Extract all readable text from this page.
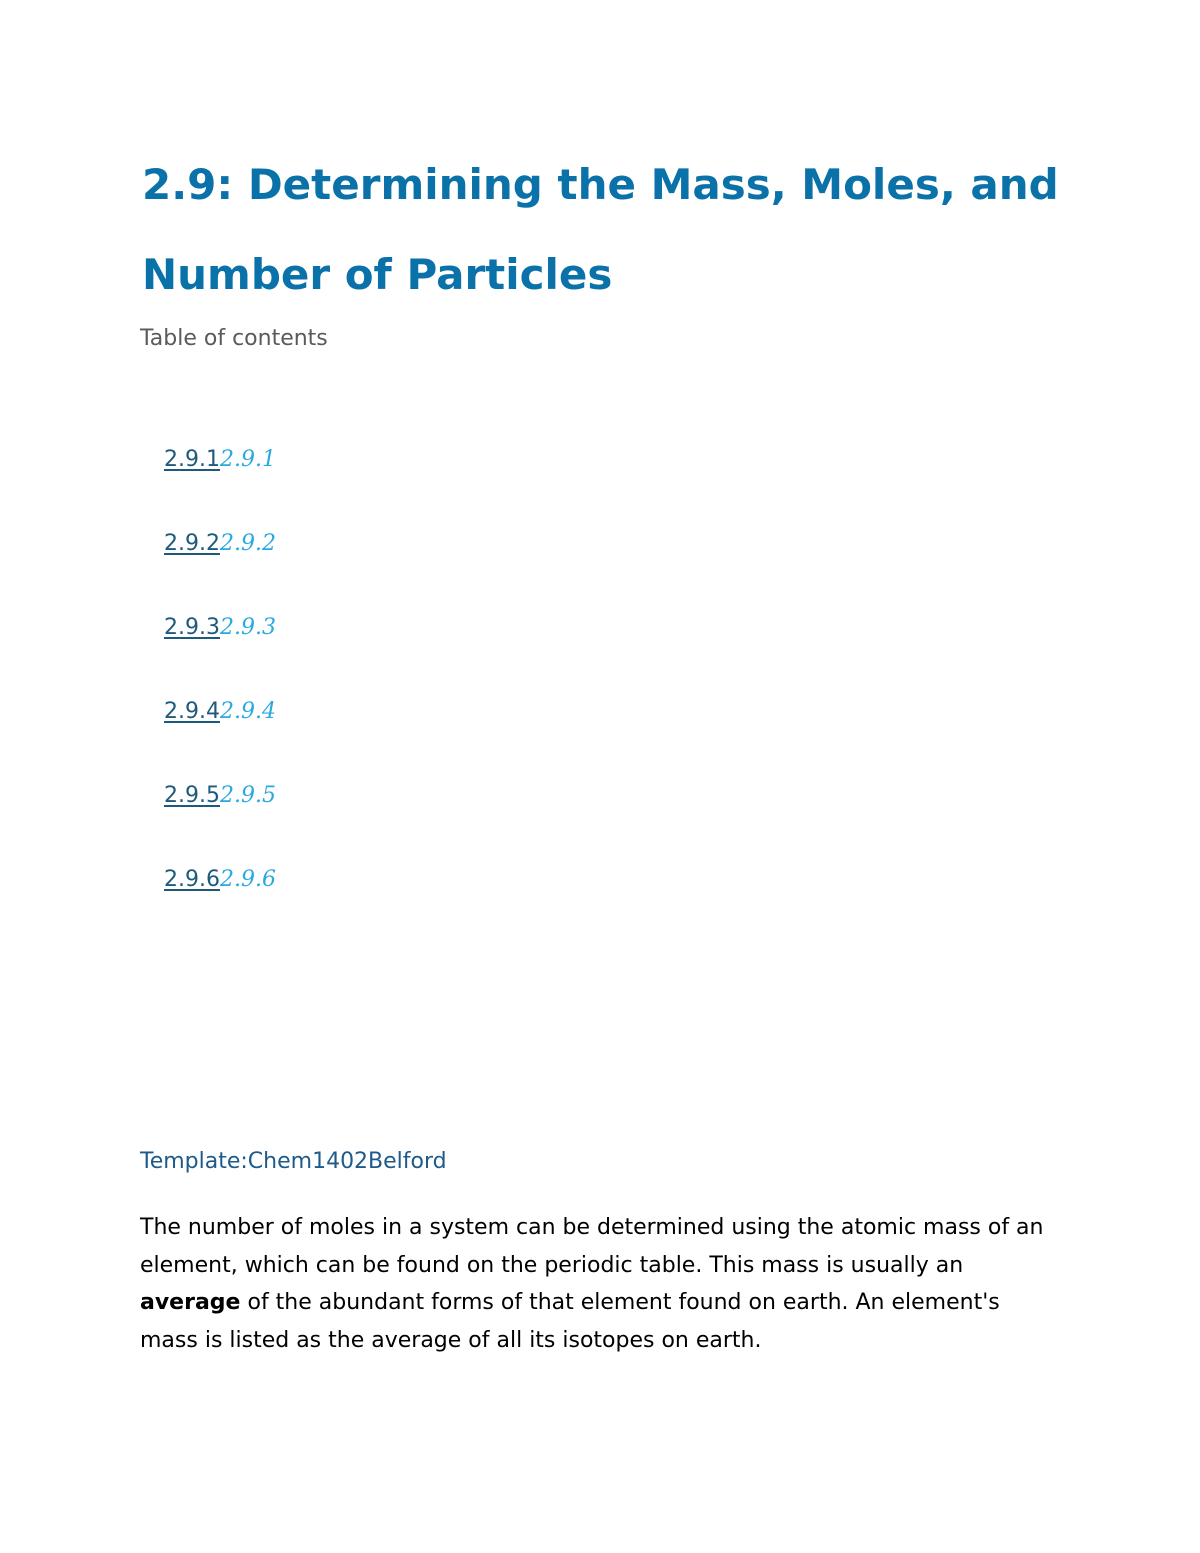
2.9: Determining the Mass, Moles, and Number of Particles

Table of contents

2.9.12.9.1
2.9.22.9.2
2.9.32.9.3
2.9.42.9.4
2.9.52.9.5
2.9.62.9.6
Template:Chem1402Belford

The number of moles in a system can be determined using the atomic mass of an element, which can be found on the periodic table. This mass is usually an average of the abundant forms of that element found on earth. An element's mass is listed as the average of all its isotopes on earth.
